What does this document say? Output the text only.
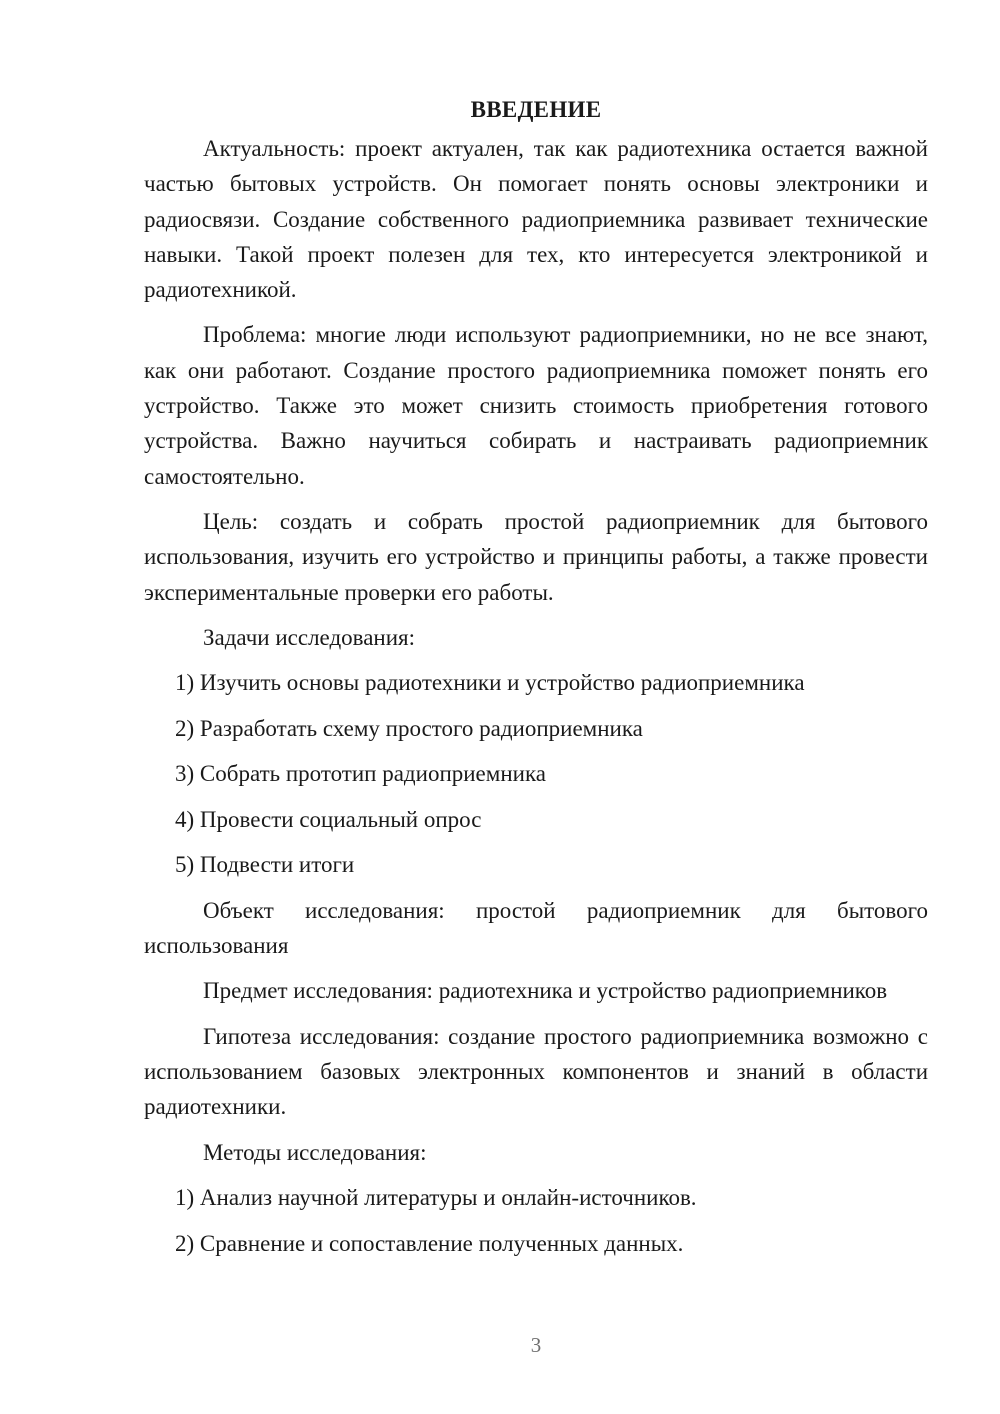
ВВЕДЕНИЕ

Актуальность: проект актуален, так как радиотехника остается важной частью бытовых устройств. Он помогает понять основы электроники и радиосвязи. Создание собственного радиоприемника развивает технические навыки. Такой проект полезен для тех, кто интересуется электроникой и радиотехникой.

Проблема: многие люди используют радиоприемники, но не все знают, как они работают. Создание простого радиоприемника поможет понять его устройство. Также это может снизить стоимость приобретения готового устройства. Важно научиться собирать и настраивать радиоприемник самостоятельно.

Цель: создать и собрать простой радиоприемник для бытового использования, изучить его устройство и принципы работы, а также провести экспериментальные проверки его работы.

Задачи исследования:
1) Изучить основы радиотехники и устройство радиоприемника
2) Разработать схему простого радиоприемника
3) Собрать прототип радиоприемника
4) Провести социальный опрос
5) Подвести итоги

Объект исследования: простой радиоприемник для бытового использования

Предмет исследования: радиотехника и устройство радиоприемников

Гипотеза исследования: создание простого радиоприемника возможно с использованием базовых электронных компонентов и знаний в области радиотехники.

Методы исследования:
1) Анализ научной литературы и онлайн-источников.
2) Сравнение и сопоставление полученных данных.
3
